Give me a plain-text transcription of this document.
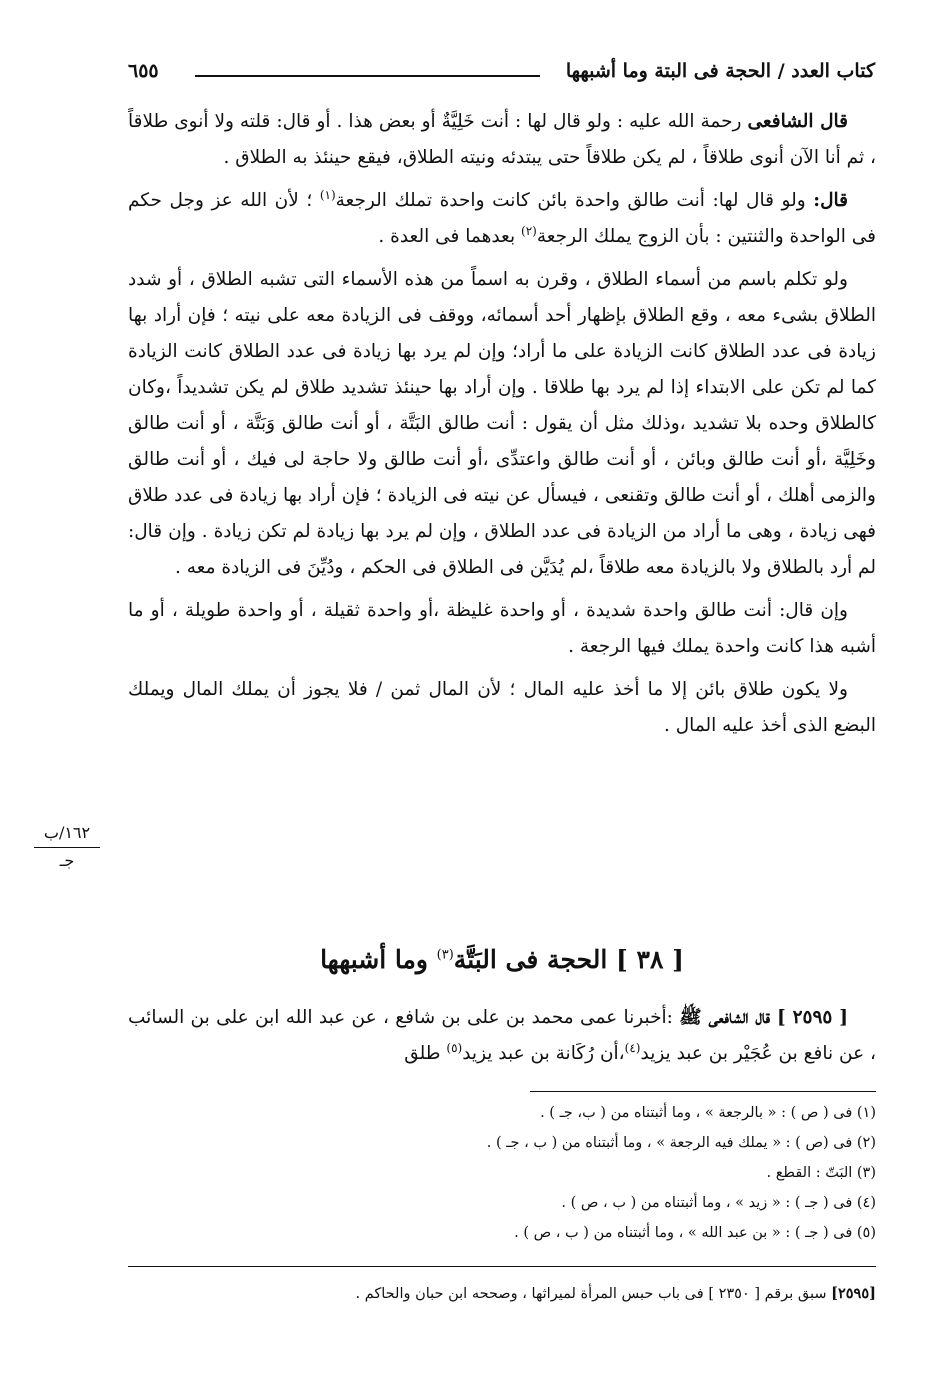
كتاب العدد / الحجة فى البتة وما أشبهها
٦٥٥

قال الشافعى رحمة الله عليه : ولو قال لها : أنت خَلِيَّةٌ أو بعض هذا . أو قال: قلته ولا أنوى طلاقاً ، ثم أنا الآن أنوى طلاقاً ، لم يكن طلاقاً حتى يبتدئه ونيته الطلاق، فيقع حينئذ به الطلاق .

قال: ولو قال لها: أنت طالق واحدة بائن كانت واحدة تملك الرجعة$^{(١)}$ ؛ لأن الله عز وجل حكم فى الواحدة والثنتين : بأن الزوج يملك الرجعة$^{(٢)}$ بعدهما فى العدة .

ولو تكلم باسم من أسماء الطلاق ، وقرن به اسماً من هذه الأسماء التى تشبه الطلاق ، أو شدد الطلاق بشىء معه ، وقع الطلاق بإظهار أحد أسمائه، ووقف فى الزيادة معه على نيته ؛ فإن أراد بها زيادة فى عدد الطلاق كانت الزيادة على ما أراد؛ وإن لم يرد بها زيادة فى عدد الطلاق كانت الزيادة كما لم تكن على الابتداء إذا لم يرد بها طلاقا . وإن أراد بها حينئذ تشديد طلاق لم يكن تشديداً ،وكان كالطلاق وحده بلا تشديد ،وذلك مثل أن يقول : أنت طالق البَتَّة ، أو أنت طالق وَبَتَّة ، أو أنت طالق وخَلِيَّة ،أو أنت طالق وبائن ، أو أنت طالق واعتدِّى ،أو أنت طالق ولا حاجة لى فيك ، أو أنت طالق والزمى أهلك ، أو أنت طالق وتقنعى ، فيسأل عن نيته فى الزيادة ؛ فإن أراد بها زيادة فى عدد طلاق فهى زيادة ، وهى ما أراد من الزيادة فى عدد الطلاق ، وإن لم يرد بها زيادة لم تكن زيادة . وإن قال: لم أرد بالطلاق ولا بالزيادة معه طلاقاً ،لم يُدَيَّن فى الطلاق فى الحكم ، ودُيِّنَ فى الزيادة معه .

وإن قال: أنت طالق واحدة شديدة ، أو واحدة غليظة ،أو واحدة ثقيلة ، أو واحدة طويلة ، أو ما أشبه هذا كانت واحدة يملك فيها الرجعة .

ولا يكون طلاق بائن إلا ما أخذ عليه المال ؛ لأن المال ثمن / فلا يجوز أن يملك المال ويملك البضع الذى أخذ عليه المال .

١٦٢/ب
جـ
[ ٣٨ ] الحجة فى البَتَّة$^{(٣)}$ وما أشبهها

[ ٢٥٩٥ ] قال الشافعى ﷺ :أخبرنا عمى محمد بن على بن شافع ، عن عبد الله ابن على بن السائب ، عن نافع بن عُجَيْر بن عبد يزيد$^{(٤)}$،أن رُكَانة بن عبد يزيد$^{(٥)}$ طلق

(١) فى ( ص ) : « بالرجعة » ، وما أثبتناه من ( ب، جـ ) .
(٢) فى (ص ) : « يملك فيه الرجعة » ، وما أثبتناه من ( ب ، جـ ) .
(٣) البَتّ : القطع .
(٤) فى ( جـ ) : « زيد » ، وما أثبتناه من ( ب ، ص ) .
(٥) فى ( جـ ) : « بن عبد الله » ، وما أثبتناه من ( ب ، ص ) .
[٢٥٩٥] سبق برقم [ ٢٣٥٠ ] فى باب حبس المرأة لميراثها ، وصححه ابن حبان والحاكم .
